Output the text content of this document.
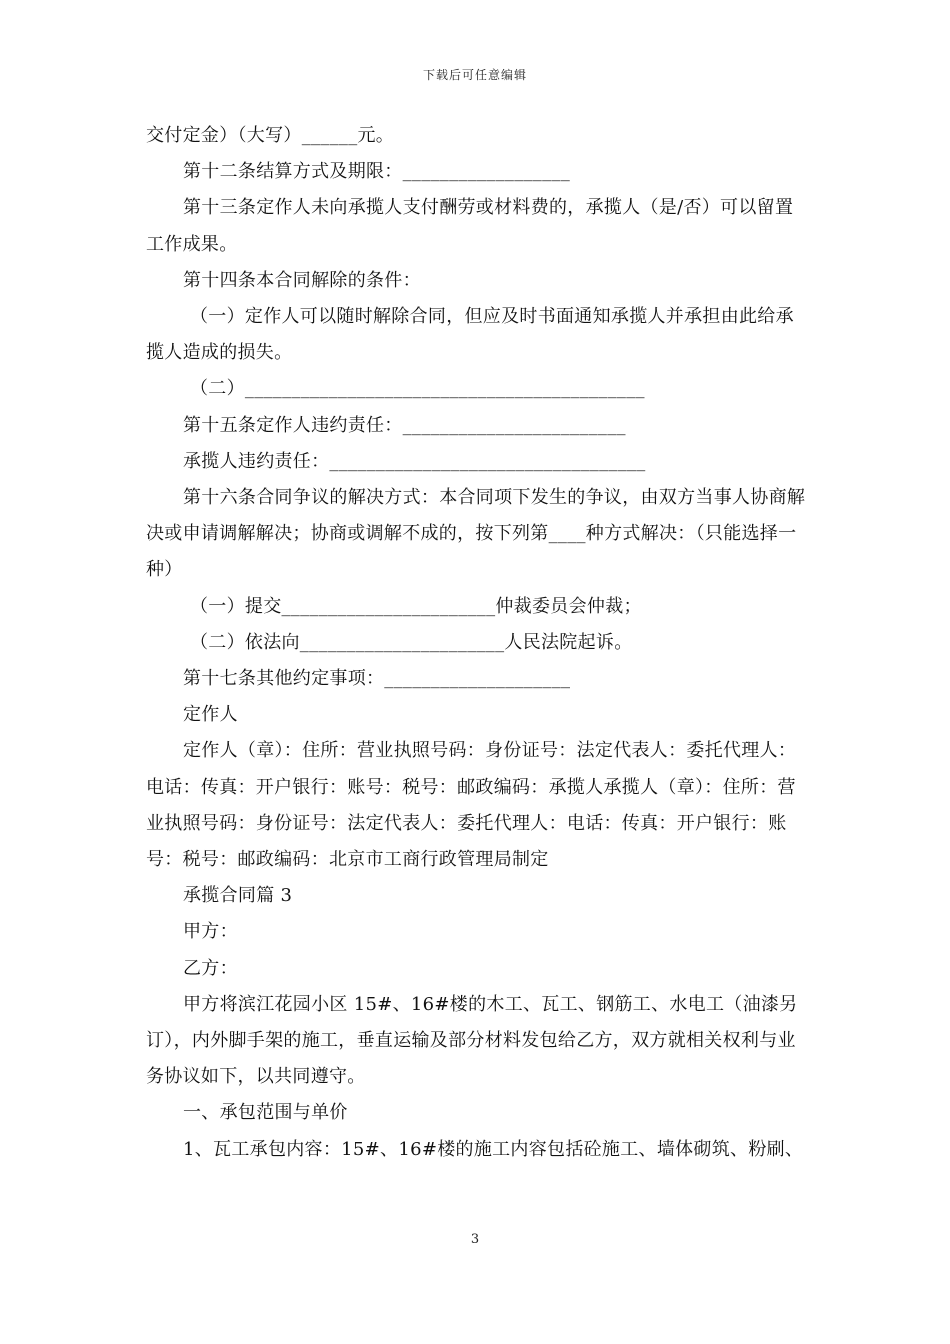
下载后可任意编辑

交付定金）（大写）______元。

第十二条结算方式及期限：__________________

第十三条定作人未向承揽人支付酬劳或材料费的，承揽人（是/否）可以留置工作成果。

第十四条本合同解除的条件：

（一）定作人可以随时解除合同，但应及时书面通知承揽人并承担由此给承揽人造成的损失。

（二）___________________________________________

第十五条定作人违约责任：________________________

承揽人违约责任：__________________________________

第十六条合同争议的解决方式：本合同项下发生的争议，由双方当事人协商解决或申请调解解决；协商或调解不成的，按下列第____种方式解决：（只能选择一种）

（一）提交_______________________仲裁委员会仲裁；

（二）依法向______________________人民法院起诉。

第十七条其他约定事项：____________________

定作人

定作人（章）：住所：营业执照号码：身份证号：法定代表人：委托代理人：电话：传真：开户银行：账号：税号：邮政编码：承揽人承揽人（章）：住所：营业执照号码：身份证号：法定代表人：委托代理人：电话：传真：开户银行：账号：税号：邮政编码：北京市工商行政管理局制定

承揽合同篇 3

甲方：

乙方：

甲方将滨江花园小区 15#、16#楼的木工、瓦工、钢筋工、水电工（油漆另订），内外脚手架的施工，垂直运输及部分材料发包给乙方，双方就相关权利与业务协议如下，以共同遵守。

一、承包范围与单价

1、瓦工承包内容：15#、16#楼的施工内容包括砼施工、墙体砌筑、粉刷、

3
